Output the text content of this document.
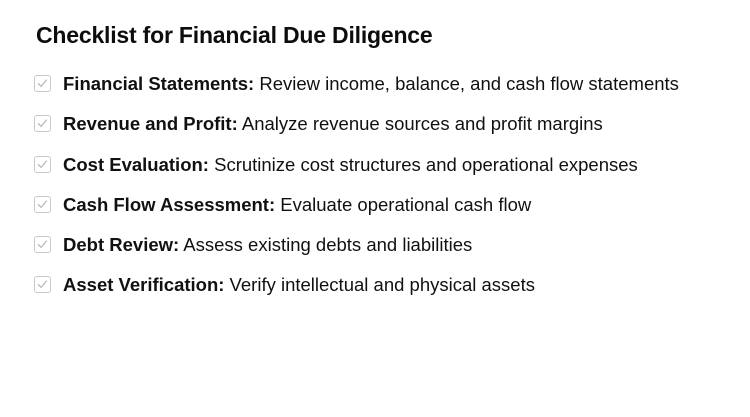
Checklist for Financial Due Diligence
Financial Statements: Review income, balance, and cash flow statements
Revenue and Profit: Analyze revenue sources and profit margins
Cost Evaluation: Scrutinize cost structures and operational expenses
Cash Flow Assessment: Evaluate operational cash flow
Debt Review: Assess existing debts and liabilities
Asset Verification: Verify intellectual and physical assets
